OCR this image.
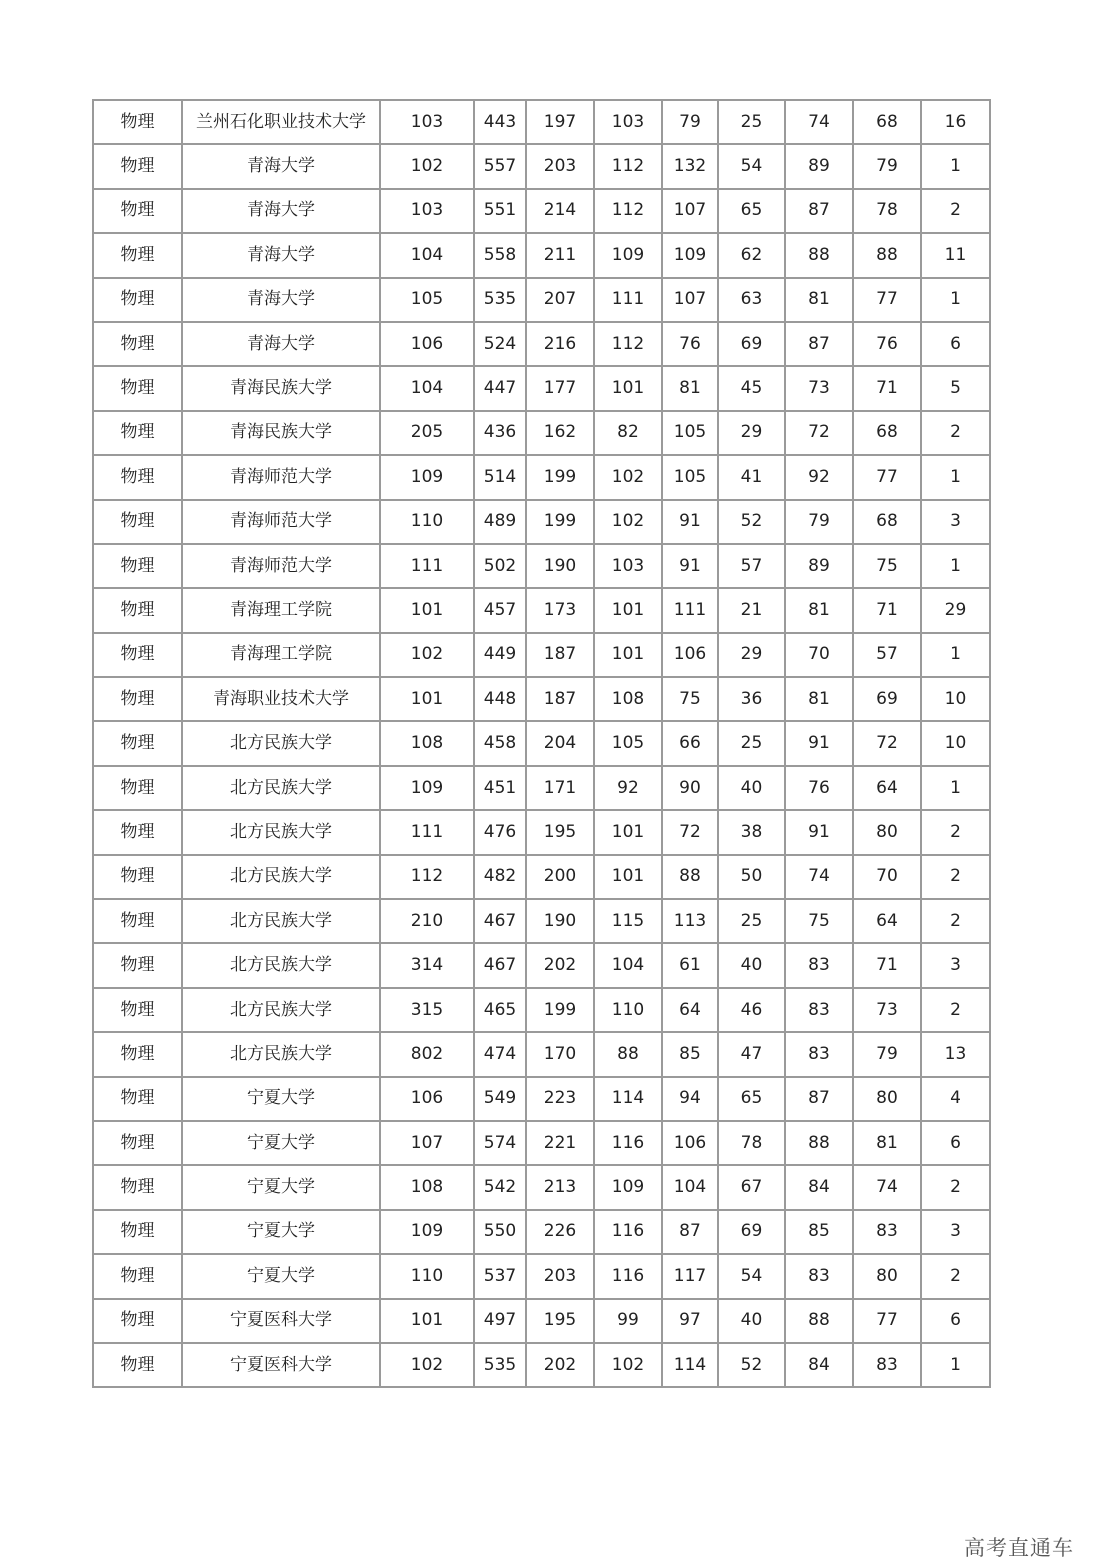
物理	兰州石化职业技术大学	103	443	197	103	79	25	74	68	16
物理	青海大学	102	557	203	112	132	54	89	79	1
物理	青海大学	103	551	214	112	107	65	87	78	2
物理	青海大学	104	558	211	109	109	62	88	88	11
物理	青海大学	105	535	207	111	107	63	81	77	1
物理	青海大学	106	524	216	112	76	69	87	76	6
物理	青海民族大学	104	447	177	101	81	45	73	71	5
物理	青海民族大学	205	436	162	82	105	29	72	68	2
物理	青海师范大学	109	514	199	102	105	41	92	77	1
物理	青海师范大学	110	489	199	102	91	52	79	68	3
物理	青海师范大学	111	502	190	103	91	57	89	75	1
物理	青海理工学院	101	457	173	101	111	21	81	71	29
物理	青海理工学院	102	449	187	101	106	29	70	57	1
物理	青海职业技术大学	101	448	187	108	75	36	81	69	10
物理	北方民族大学	108	458	204	105	66	25	91	72	10
物理	北方民族大学	109	451	171	92	90	40	76	64	1
物理	北方民族大学	111	476	195	101	72	38	91	80	2
物理	北方民族大学	112	482	200	101	88	50	74	70	2
物理	北方民族大学	210	467	190	115	113	25	75	64	2
物理	北方民族大学	314	467	202	104	61	40	83	71	3
物理	北方民族大学	315	465	199	110	64	46	83	73	2
物理	北方民族大学	802	474	170	88	85	47	83	79	13
物理	宁夏大学	106	549	223	114	94	65	87	80	4
物理	宁夏大学	107	574	221	116	106	78	88	81	6
物理	宁夏大学	108	542	213	109	104	67	84	74	2
物理	宁夏大学	109	550	226	116	87	69	85	83	3
物理	宁夏大学	110	537	203	116	117	54	83	80	2
物理	宁夏医科大学	101	497	195	99	97	40	88	77	6
物理	宁夏医科大学	102	535	202	102	114	52	84	83	1
高考直通车
